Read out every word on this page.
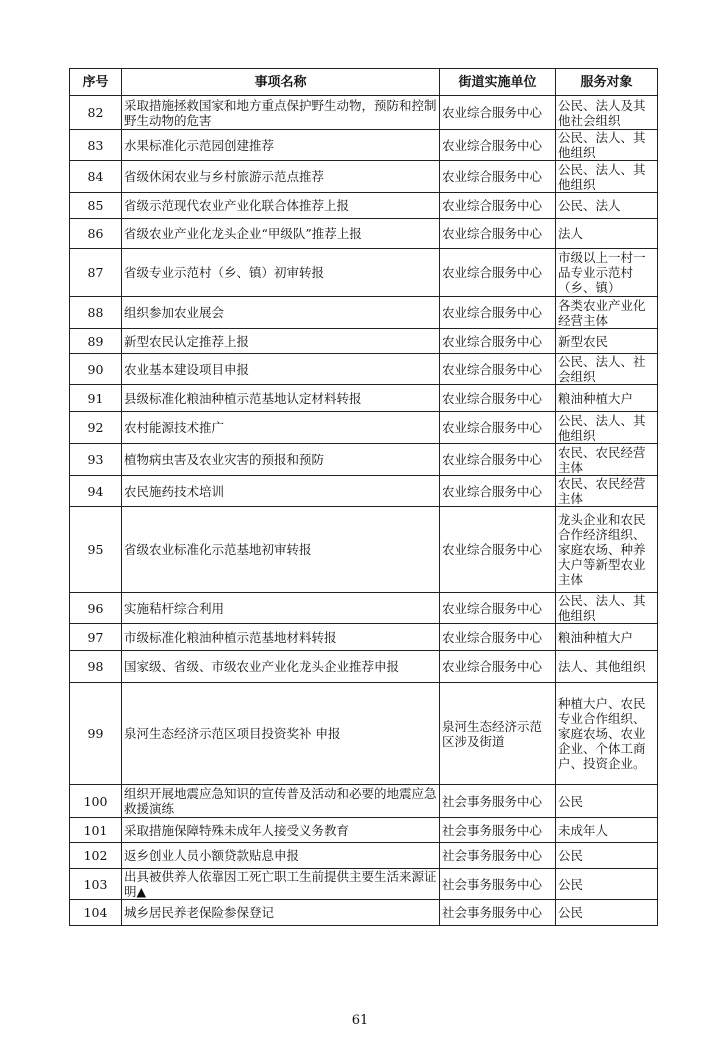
序号	事项名称	街道实施单位	服务对象
82	采取措施拯救国家和地方重点保护野生动物，预防和控制野生动物的危害	农业综合服务中心	公民、法人及其他社会组织
83	水果标准化示范园创建推荐	农业综合服务中心	公民、法人、其他组织
84	省级休闲农业与乡村旅游示范点推荐	农业综合服务中心	公民、法人、其他组织
85	省级示范现代农业产业化联合体推荐上报	农业综合服务中心	公民、法人
86	省级农业产业化龙头企业“甲级队”推荐上报	农业综合服务中心	法人
87	省级专业示范村（乡、镇）初审转报	农业综合服务中心	市级以上一村一品专业示范村（乡、镇）
88	组织参加农业展会	农业综合服务中心	各类农业产业化经营主体
89	新型农民认定推荐上报	农业综合服务中心	新型农民
90	农业基本建设项目申报	农业综合服务中心	公民、法人、社会组织
91	县级标准化粮油种植示范基地认定材料转报	农业综合服务中心	粮油种植大户
92	农村能源技术推广	农业综合服务中心	公民、法人、其他组织
93	植物病虫害及农业灾害的预报和预防	农业综合服务中心	农民、农民经营主体
94	农民施药技术培训	农业综合服务中心	农民、农民经营主体
95	省级农业标准化示范基地初审转报	农业综合服务中心	龙头企业和农民合作经济组织、家庭农场、种养大户等新型农业主体
96	实施秸杆综合利用	农业综合服务中心	公民、法人、其他组织
97	市级标准化粮油种植示范基地材料转报	农业综合服务中心	粮油种植大户
98	国家级、省级、市级农业产业化龙头企业推荐申报	农业综合服务中心	法人、其他组织
99	泉河生态经济示范区项目投资奖补 申报	泉河生态经济示范区涉及街道	种植大户、农民专业合作组织、家庭农场、农业企业、个体工商户、投资企业。
100	组织开展地震应急知识的宣传普及活动和必要的地震应急救援演练	社会事务服务中心	公民
101	采取措施保障特殊未成年人接受义务教育	社会事务服务中心	未成年人
102	返乡创业人员小额贷款贴息申报	社会事务服务中心	公民
103	出具被供养人依靠因工死亡职工生前提供主要生活来源证明▲	社会事务服务中心	公民
104	城乡居民养老保险参保登记	社会事务服务中心	公民
61
